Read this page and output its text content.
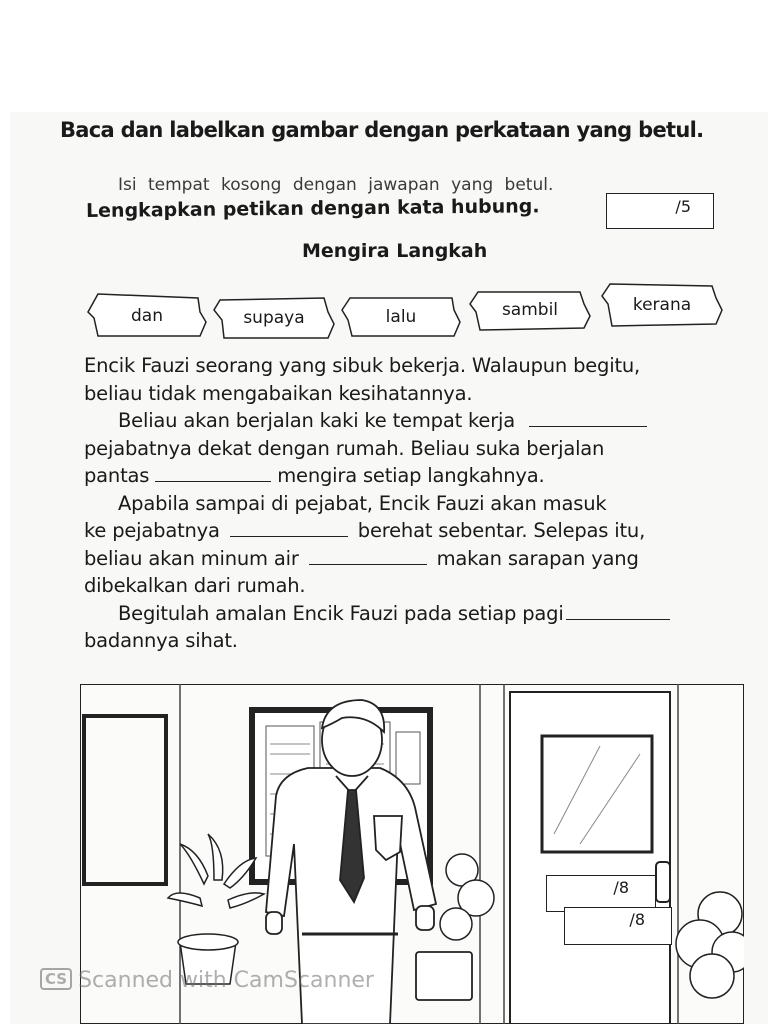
Baca dan labelkan gambar dengan perkataan yang betul.
Isi tempat kosong dengan jawapan yang betul.
Lengkapkan petikan dengan kata hubung.	/5
Mengira Langkah
dan	supaya	lalu	sambil	kerana
Encik Fauzi seorang yang sibuk bekerja. Walaupun begitu,
beliau tidak mengabaikan kesihatannya.
Beliau akan berjalan kaki ke tempat kerja
pejabatnya dekat dengan rumah. Beliau suka berjalan
pantas	mengira setiap langkahnya.
Apabila sampai di pejabat, Encik Fauzi akan masuk
ke pejabatnya	berehat sebentar. Selepas itu,
beliau akan minum air	makan sarapan yang
dibekalkan dari rumah.
Begitulah amalan Encik Fauzi pada setiap pagi
badannya sihat.
/8
/8
CS Scanned with CamScanner
